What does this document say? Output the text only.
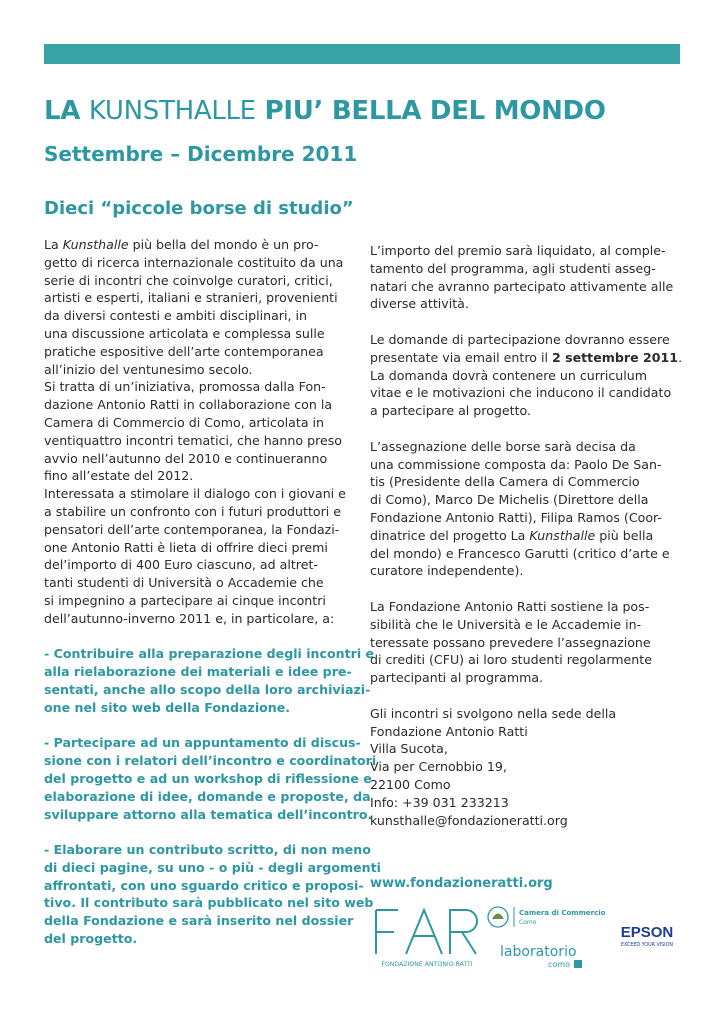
LA KUNSTHALLE PIU’ BELLA DEL MONDO
Settembre – Dicembre 2011
Dieci “piccole borse di studio”
La Kunsthalle più bella del mondo è un pro-
getto di ricerca internazionale costituito da una
serie di incontri che coinvolge curatori, critici,
artisti e esperti, italiani e stranieri, provenienti
da diversi contesti e ambiti disciplinari, in
una discussione articolata e complessa sulle
pratiche espositive dell’arte contemporanea
all’inizio del ventunesimo secolo.
Si tratta di un’iniziativa, promossa dalla Fon-
dazione Antonio Ratti in collaborazione con la
Camera di Commercio di Como, articolata in
ventiquattro incontri tematici, che hanno preso
avvio nell’autunno del 2010 e continueranno
fino all’estate del 2012.
Interessata a stimolare il dialogo con i giovani e
a stabilire un confronto con i futuri produttori e
pensatori dell’arte contemporanea, la Fondazi-
one Antonio Ratti è lieta di offrire dieci premi
del’importo di 400 Euro ciascuno, ad altret-
tanti studenti di Università o Accademie che
si impegnino a partecipare ai cinque incontri
dell’autunno-inverno 2011 e, in particolare, a:
- Contribuire alla preparazione degli incontri e
alla rielaborazione dei materiali e idee pre-
sentati, anche allo scopo della loro archiviazi-
one nel sito web della Fondazione.
- Partecipare ad un appuntamento di discus-
sione con i relatori dell’incontro e coordinatori
del progetto e ad un workshop di riflessione e
elaborazione di idee, domande e proposte, da
sviluppare attorno alla tematica dell’incontro.
- Elaborare un contributo scritto, di non meno
di dieci pagine, su uno - o più - degli argomenti
affrontati, con uno sguardo critico e proposi-
tivo. Il contributo sarà pubblicato nel sito web
della Fondazione e sarà inserito nel dossier
del progetto.
L’importo del premio sarà liquidato, al comple-
tamento del programma, agli studenti asseg-
natari che avranno partecipato attivamente alle
diverse attività.
Le domande di partecipazione dovranno essere
presentate via email entro il 2 settembre 2011.
La domanda dovrà contenere un curriculum
vitae e le motivazioni che inducono il candidato
a partecipare al progetto.
L’assegnazione delle borse sarà decisa da
una commissione composta da: Paolo De San-
tis (Presidente della Camera di Commercio
di Como), Marco De Michelis (Direttore della
Fondazione Antonio Ratti), Filipa Ramos (Coor-
dinatrice del progetto La Kunsthalle più bella
del mondo) e Francesco Garutti (critico d’arte e
curatore independente).
La Fondazione Antonio Ratti sostiene la pos-
sibilità che le Università e le Accademie in-
teressate possano prevedere l’assegnazione
di crediti (CFU) ai loro studenti regolarmente
partecipanti al programma.
Gli incontri si svolgono nella sede della
Fondazione Antonio Ratti
Villa Sucota,
Via per Cernobbio 19,
22100 Como
Info: +39 031 233213
kunsthalle@fondazioneratti.org
www.fondazioneratti.org
FONDAZIONE ANTONIO RATTI
Camera di Commercio
Como
laboratorio
como
EPSON
EXCEED YOUR VISION
